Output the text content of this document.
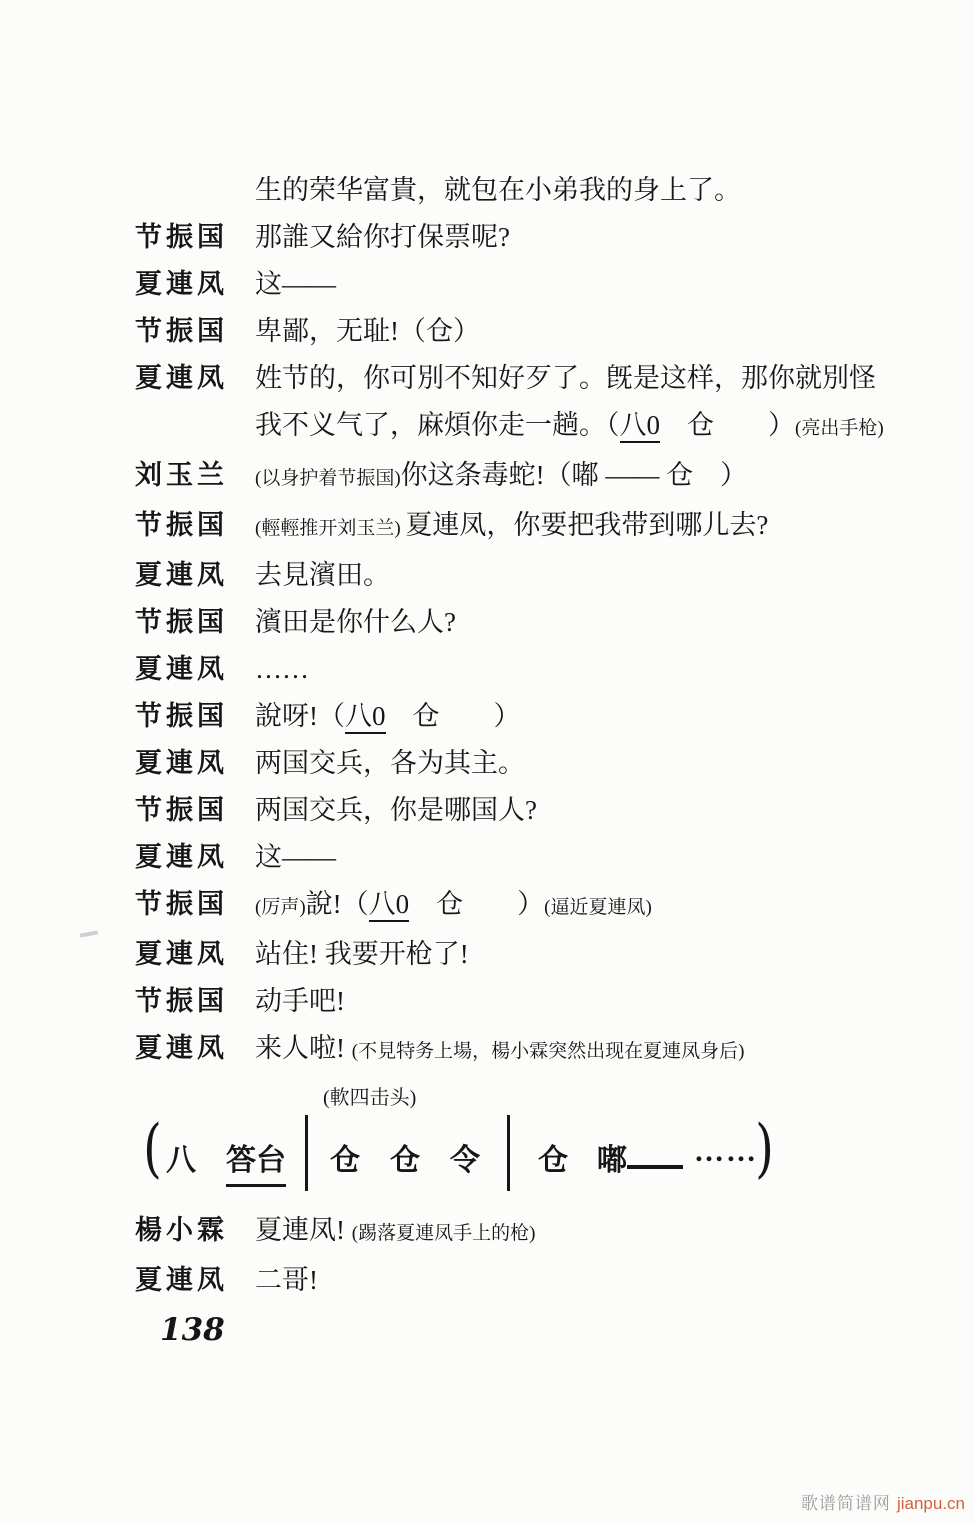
生的荣华富貴，就包在小弟我的身上了。
节振国	那誰又給你打保票呢?
夏連凤	这——
节振国	卑鄙，无耻!（仓）
夏連凤	姓节的，你可別不知好歹了。旣是这样，那你就別怪
我不义气了，麻煩你走一趟。（八0　仓　　）(亮出手枪)
刘玉兰	(以身护着节振国)你这条毒蛇!（嘟 —— 仓　）
节振国	(輕輕推开刘玉兰) 夏連凤，你要把我带到哪儿去?
夏連凤	去見濱田。
节振国	濱田是你什么人?
夏連凤	……
节振国	說呀!（八0　仓　　）
夏連凤	两国交兵，各为其主。
节振国	两国交兵，你是哪国人?
夏連凤	这——
节振国	(厉声)說!（八0　仓　　）(逼近夏連凤)
夏連凤	站住! 我要开枪了!
节振国	动手吧!
夏連凤	来人啦! (不見特务上場，楊小霖突然出现在夏連凤身后)
(軟四击头)
( 八 答台 仓 仓 令 仓 嘟 ……
)
楊小霖	夏連凤! (踢落夏連凤手上的枪)
夏連凤	二哥!
138
歌谱简谱网 jianpu.cn
